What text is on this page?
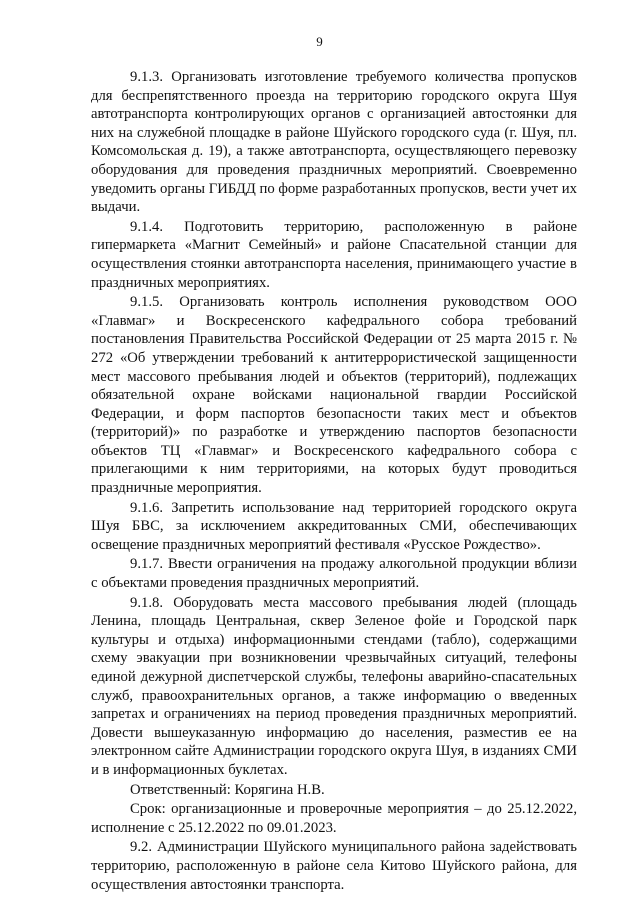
9

9.1.3. Организовать изготовление требуемого количества пропусков для беспрепятственного проезда на территорию городского округа Шуя автотранспорта контролирующих органов с организацией автостоянки для них на служебной площадке в районе Шуйского городского суда (г. Шуя, пл. Комсомольская д. 19), а также автотранспорта, осуществляющего перевозку оборудования для проведения праздничных мероприятий. Своевременно уведомить органы ГИБДД по форме разработанных пропусков, вести учет их выдачи.

9.1.4. Подготовить территорию, расположенную в районе гипермаркета «Магнит Семейный» и районе Спасательной станции для осуществления стоянки автотранспорта населения, принимающего участие в праздничных мероприятиях.

9.1.5. Организовать контроль исполнения руководством ООО «Главмаг» и Воскресенского кафедрального собора требований постановления Правительства Российской Федерации от 25 марта 2015 г. № 272 «Об утверждении требований к антитеррористической защищенности мест массового пребывания людей и объектов (территорий), подлежащих обязательной охране войсками национальной гвардии Российской Федерации, и форм паспортов безопасности таких мест и объектов (территорий)» по разработке и утверждению паспортов безопасности объектов ТЦ «Главмаг» и Воскресенского кафедрального собора с прилегающими к ним территориями, на которых будут проводиться праздничные мероприятия.

9.1.6. Запретить использование над территорией городского округа Шуя БВС, за исключением аккредитованных СМИ, обеспечивающих освещение праздничных мероприятий фестиваля «Русское Рождество».

9.1.7. Ввести ограничения на продажу алкогольной продукции вблизи с объектами проведения праздничных мероприятий.

9.1.8. Оборудовать места массового пребывания людей (площадь Ленина, площадь Центральная, сквер Зеленое фойе и Городской парк культуры и отдыха) информационными стендами (табло), содержащими схему эвакуации при возникновении чрезвычайных ситуаций, телефоны единой дежурной диспетчерской службы, телефоны аварийно-спасательных служб, правоохранительных органов, а также информацию о введенных запретах и ограничениях на период проведения праздничных мероприятий. Довести вышеуказанную информацию до населения, разместив ее на электронном сайте Администрации городского округа Шуя, в изданиях СМИ и в информационных буклетах.

Ответственный: Корягина Н.В.

Срок: организационные и проверочные мероприятия – до 25.12.2022, исполнение с 25.12.2022 по 09.01.2023.

9.2. Администрации Шуйского муниципального района задействовать территорию, расположенную в районе села Китово Шуйского района, для осуществления автостоянки транспорта.
